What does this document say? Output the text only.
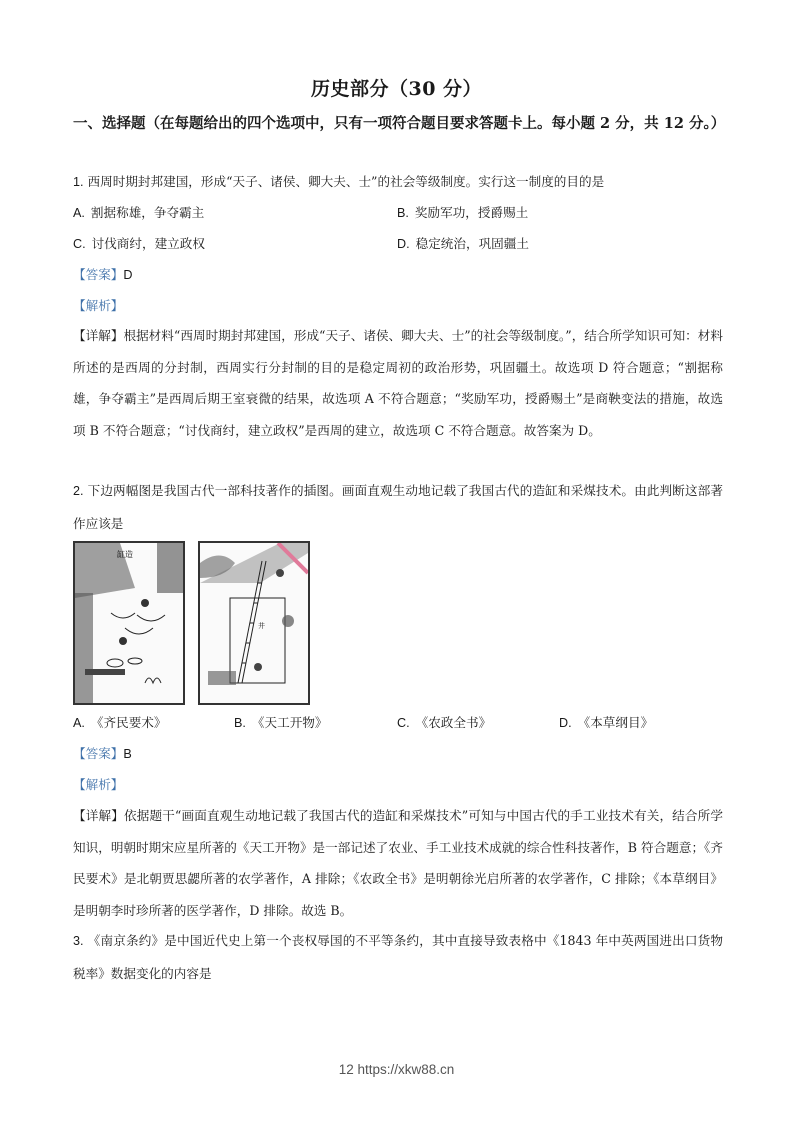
历史部分（30 分）
一、选择题（在每题给出的四个选项中，只有一项符合题目要求答题卡上。每小题 2 分，共 12 分。）
1. 西周时期封邦建国，形成“天子、诸侯、卿大夫、士”的社会等级制度。实行这一制度的目的是
A. 割据称雄，争夺霸主	B. 奖励军功，授爵赐土
C. 讨伐商纣，建立政权	D. 稳定统治，巩固疆土
【答案】D
【解析】
【详解】根据材料“西周时期封邦建国，形成“天子、诸侯、卿大夫、士”的社会等级制度。”，结合所学知识可知：材料所述的是西周的分封制，西周实行分封制的目的是稳定周初的政治形势，巩固疆土。故选项 D 符合题意；“割据称雄，争夺霸主”是西周后期王室衰微的结果，故选项 A 不符合题意；“奖励军功，授爵赐土”是商鞅变法的措施，故选项 B 不符合题意；“讨伐商纣，建立政权”是西周的建立，故选项 C 不符合题意。故答案为 D。
2. 下边两幅图是我国古代一部科技著作的插图。画面直观生动地记载了我国古代的造缸和采煤技术。由此判断这部著作应该是
缸造
井
A. 《齐民要术》	B. 《天工开物》	C. 《农政全书》	D. 《本草纲目》
【答案】B
【解析】
【详解】依据题干“画面直观生动地记载了我国古代的造缸和采煤技术”可知与中国古代的手工业技术有关，结合所学知识，明朝时期宋应星所著的《天工开物》是一部记述了农业、手工业技术成就的综合性科技著作，B 符合题意；《齐民要术》是北朝贾思勰所著的农学著作，A 排除；《农政全书》是明朝徐光启所著的农学著作，C 排除；《本草纲目》是明朝李时珍所著的医学著作，D 排除。故选 B。
3. 《南京条约》是中国近代史上第一个丧权辱国的不平等条约，其中直接导致表格中《1843 年中英两国进出口货物税率》数据变化的内容是
12 https://xkw88.cn
